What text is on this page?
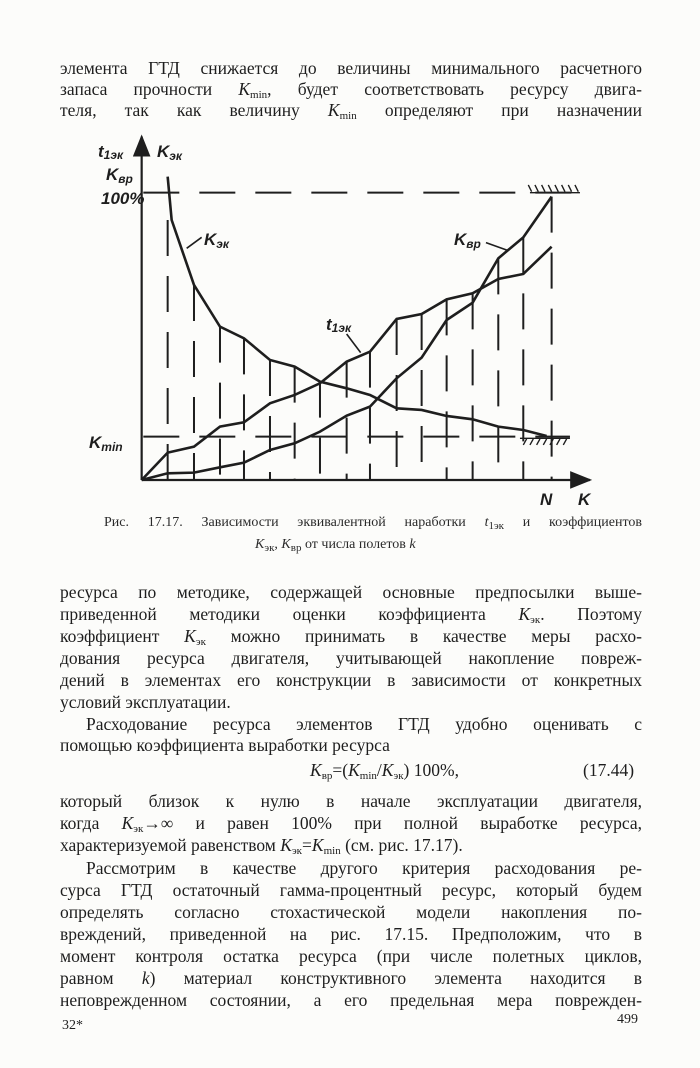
элемента ГТД снижается до величины минимального расчетного
запаса прочности $K_{min}$, будет соответствовать ресурсу двига-
теля, так как величину $K_{min}$ определяют при назначении
t1эк Kэк
Kвр
100%
Kmin
Kэк	Kвр
t1эк
N K
Рис. 17.17. Зависимости эквивалентной наработки $t_{1эк}$ и коэффициентов
$K_{эк}$, $K_{вр}$ от числа полетов k
ресурса по методике, содержащей основные предпосылки выше-
приведенной методики оценки коэффициента $K_{эк}$. Поэтому
коэффициент $K_{эк}$ можно принимать в качестве меры расхо-
дования ресурса двигателя, учитывающей накопление повреж-
дений в элементах его конструкции в зависимости от конкретных
условий эксплуатации.
Расходование ресурса элементов ГТД удобно оценивать с
помощью коэффициента выработки ресурса
$K_{вр}=(K_{min}/K_{эк})$ 100%,	(17.44)
который близок к нулю в начале эксплуатации двигателя,
когда $K_{эк}\to\infty$ и равен 100% при полной выработке ресурса,
характеризуемой равенством $K_{эк}=K_{min}$ (см. рис. 17.17).
Рассмотрим в качестве другого критерия расходования ре-
сурса ГТД остаточный гамма-процентный ресурс, который будем
определять согласно стохастической модели накопления по-
вреждений, приведенной на рис. 17.15. Предположим, что в
момент контроля остатка ресурса (при числе полетных циклов,
равном k) материал конструктивного элемента находится в
неповрежденном состоянии, а его предельная мера поврежден-
32*	499
